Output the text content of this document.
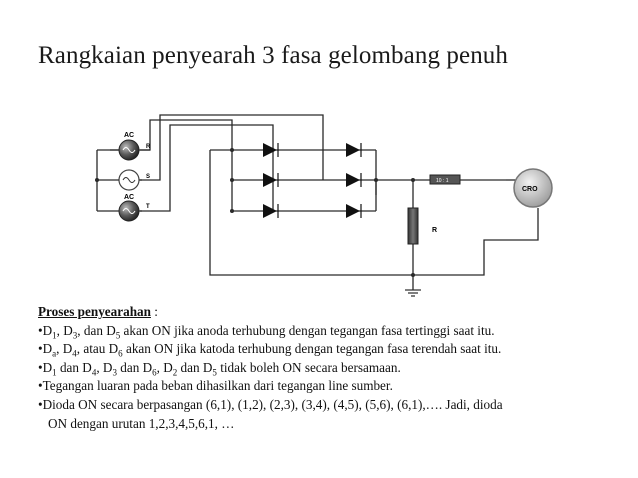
Rangkaian penyearah 3 fasa gelombang penuh
AC
R
S
AC
T
R
10 : 1
CRO

Proses penyearahan :

$•D_1$, $D_3$, dan $D_5$ akan ON jika anoda terhubung dengan tegangan fasa tertinggi saat itu.

$•D_a$, $D_4$, atau $D_6$ akan ON jika katoda terhubung dengan tegangan fasa terendah saat itu.

$•D_1$ dan $D_4$, $D_3$ dan $D_6$, $D_2$ dan $D_5$ tidak boleh ON secara bersamaan.

•Tegangan luaran pada beban dihasilkan dari tegangan line sumber.

•Dioda ON secara berpasangan (6,1), (1,2), (2,3), (3,4), (4,5), (5,6), (6,1),…. Jadi, dioda

ON dengan urutan 1,2,3,4,5,6,1, …
